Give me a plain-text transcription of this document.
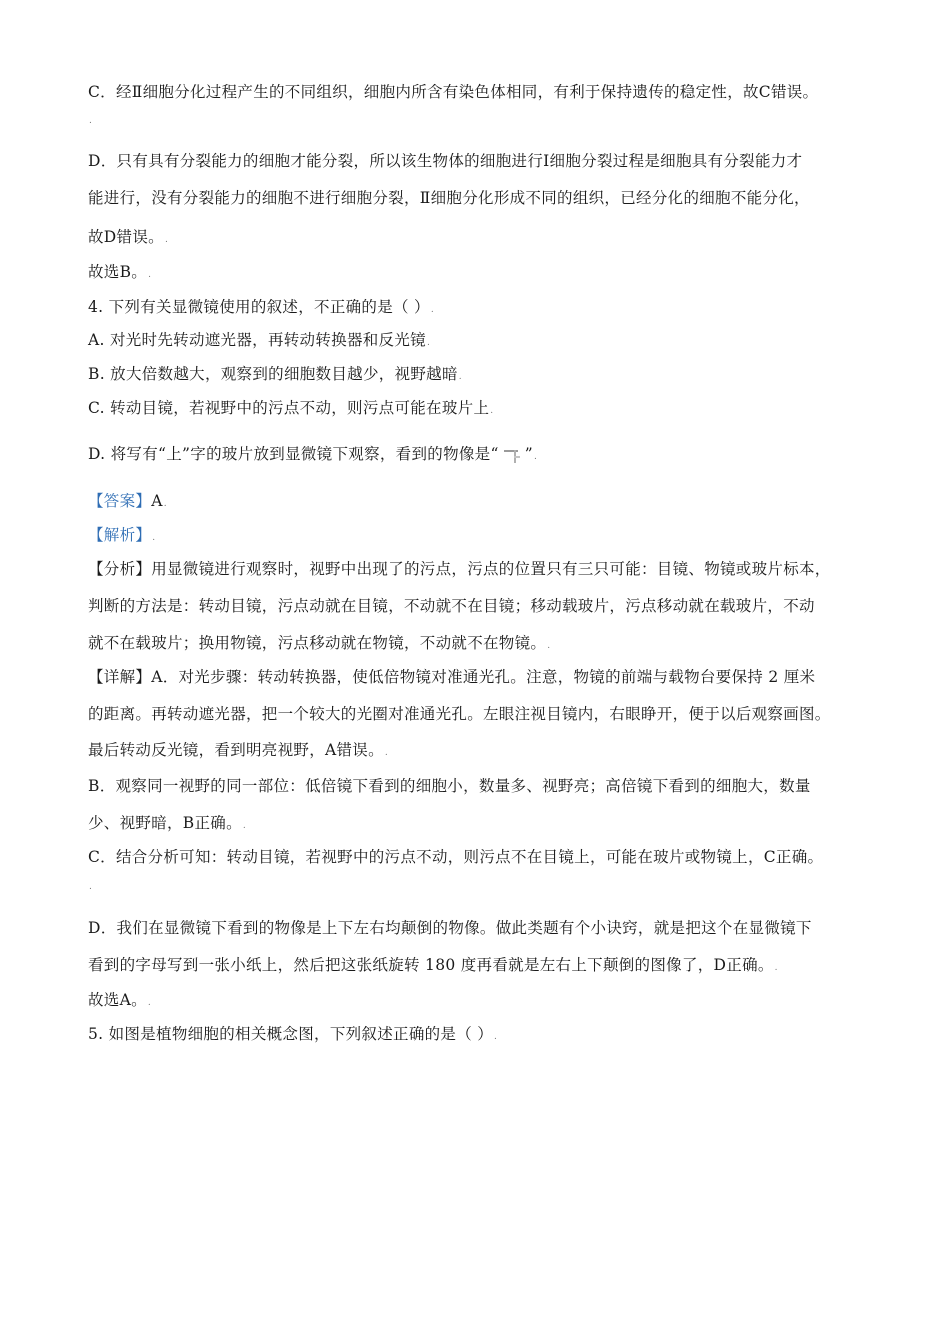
C．经Ⅱ细胞分化过程产生的不同组织，细胞内所含有染色体相同，有利于保持遗传的稳定性，故C错误。
.
D．只有具有分裂能力的细胞才能分裂，所以该生物体的细胞进行Ⅰ细胞分裂过程是细胞具有分裂能力才
能进行，没有分裂能力的细胞不进行细胞分裂，Ⅱ细胞分化形成不同的组织，已经分化的细胞不能分化，
故D错误。.
故选B。.
4. 下列有关显微镜使用的叙述，不正确的是（ ）.
A. 对光时先转动遮光器，再转动转换器和反光镜.
B. 放大倍数越大，观察到的细胞数目越少，视野越暗.
C. 转动目镜，若视野中的污点不动，则污点可能在玻片上.
D. 将写有“上”字的玻片放到显微镜下观察，看到的物像是“ ”.
【答案】A.
【解析】.
【分析】用显微镜进行观察时，视野中出现了的污点，污点的位置只有三只可能：目镜、物镜或玻片标本，
判断的方法是：转动目镜，污点动就在目镜，不动就不在目镜；移动载玻片，污点移动就在载玻片，不动
就不在载玻片；换用物镜，污点移动就在物镜，不动就不在物镜。.
【详解】A．对光步骤：转动转换器，使低倍物镜对准通光孔。注意，物镜的前端与载物台要保持 2 厘米
的距离。再转动遮光器，把一个较大的光圈对准通光孔。左眼注视目镜内，右眼睁开，便于以后观察画图。
最后转动反光镜，看到明亮视野，A错误。.
B．观察同一视野的同一部位：低倍镜下看到的细胞小，数量多、视野亮；高倍镜下看到的细胞大，数量
少、视野暗，B正确。.
C．结合分析可知：转动目镜，若视野中的污点不动，则污点不在目镜上，可能在玻片或物镜上，C正确。
.
D．我们在显微镜下看到的物像是上下左右均颠倒的物像。做此类题有个小诀窍，就是把这个在显微镜下
看到的字母写到一张小纸上，然后把这张纸旋转 180 度再看就是左右上下颠倒的图像了，D正确。.
故选A。.
5. 如图是植物细胞的相关概念图，下列叙述正确的是（ ）.
